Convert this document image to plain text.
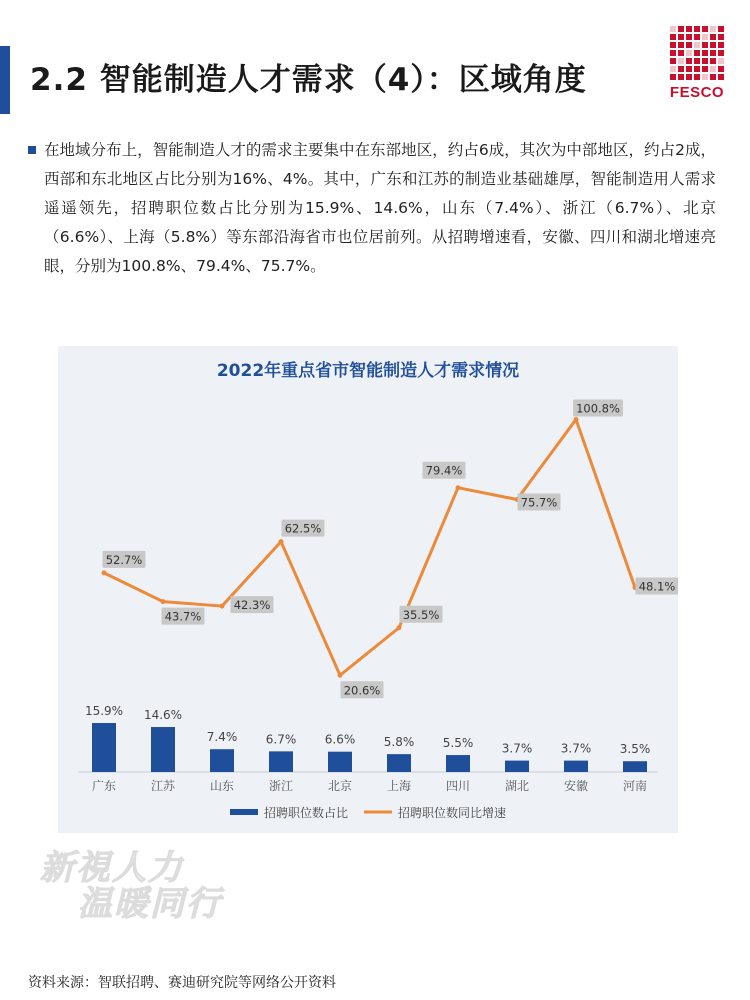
2.2 智能制造人才需求（4）：区域角度	FESCO
在地域分布上，智能制造人才的需求主要集中在东部地区，约占6成，其次为中部地区，约占2成，西部和东北地区占比分别为16%、4%。其中，广东和江苏的制造业基础雄厚，智能制造用人需求遥遥领先，招聘职位数占比分别为15.9%、14.6%，山东（7.4%）、浙江（6.7%）、北京（6.6%）、上海（5.8%）等东部沿海省市也位居前列。从招聘增速看，安徽、四川和湖北增速亮眼，分别为100.8%、79.4%、75.7%。
2022年重点省市智能制造人才需求情况
15.9%
广东
14.6%
江苏
7.4%
山东
6.7%
浙江
6.6%
北京
5.8%
上海
5.5%
四川
3.7%
湖北
3.7%
安徽
3.5%
河南
52.7%
43.7%
42.3%
62.5%
20.6%
35.5%
79.4%
75.7%
100.8%
48.1%
招聘职位数占比	招聘职位数同比增速
新視人力
温暖同行
资料来源：智联招聘、赛迪研究院等网络公开资料
